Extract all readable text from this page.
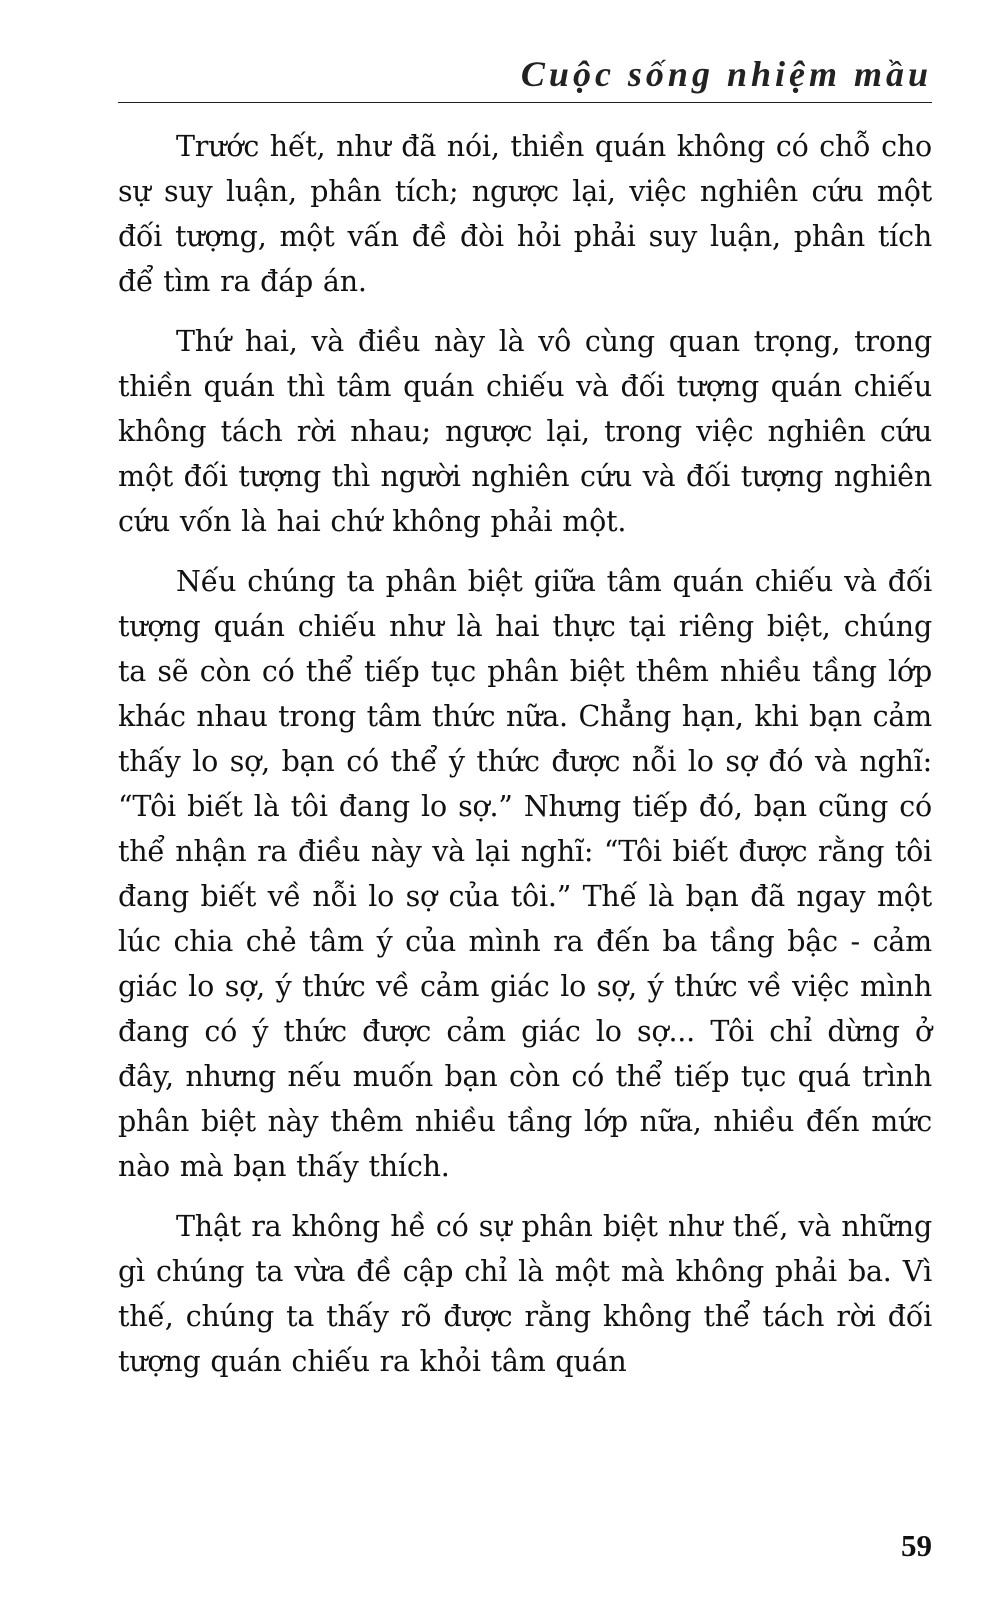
Cuộc sống nhiệm mầu

Trước hết, như đã nói, thiền quán không có chỗ cho sự suy luận, phân tích; ngược lại, việc nghiên cứu một đối tượng, một vấn đề đòi hỏi phải suy luận, phân tích để tìm ra đáp án.

Thứ hai, và điều này là vô cùng quan trọng, trong thiền quán thì tâm quán chiếu và đối tượng quán chiếu không tách rời nhau; ngược lại, trong việc nghiên cứu một đối tượng thì người nghiên cứu và đối tượng nghiên cứu vốn là hai chứ không phải một.

Nếu chúng ta phân biệt giữa tâm quán chiếu và đối tượng quán chiếu như là hai thực tại riêng biệt, chúng ta sẽ còn có thể tiếp tục phân biệt thêm nhiều tầng lớp khác nhau trong tâm thức nữa. Chẳng hạn, khi bạn cảm thấy lo sợ, bạn có thể ý thức được nỗi lo sợ đó và nghĩ: “Tôi biết là tôi đang lo sợ.” Nhưng tiếp đó, bạn cũng có thể nhận ra điều này và lại nghĩ: “Tôi biết được rằng tôi đang biết về nỗi lo sợ của tôi.” Thế là bạn đã ngay một lúc chia chẻ tâm ý của mình ra đến ba tầng bậc - cảm giác lo sợ, ý thức về cảm giác lo sợ, ý thức về việc mình đang có ý thức được cảm giác lo sợ... Tôi chỉ dừng ở đây, nhưng nếu muốn bạn còn có thể tiếp tục quá trình phân biệt này thêm nhiều tầng lớp nữa, nhiều đến mức nào mà bạn thấy thích.

Thật ra không hề có sự phân biệt như thế, và những gì chúng ta vừa đề cập chỉ là một mà không phải ba. Vì thế, chúng ta thấy rõ được rằng không thể tách rời đối tượng quán chiếu ra khỏi tâm quán

59
